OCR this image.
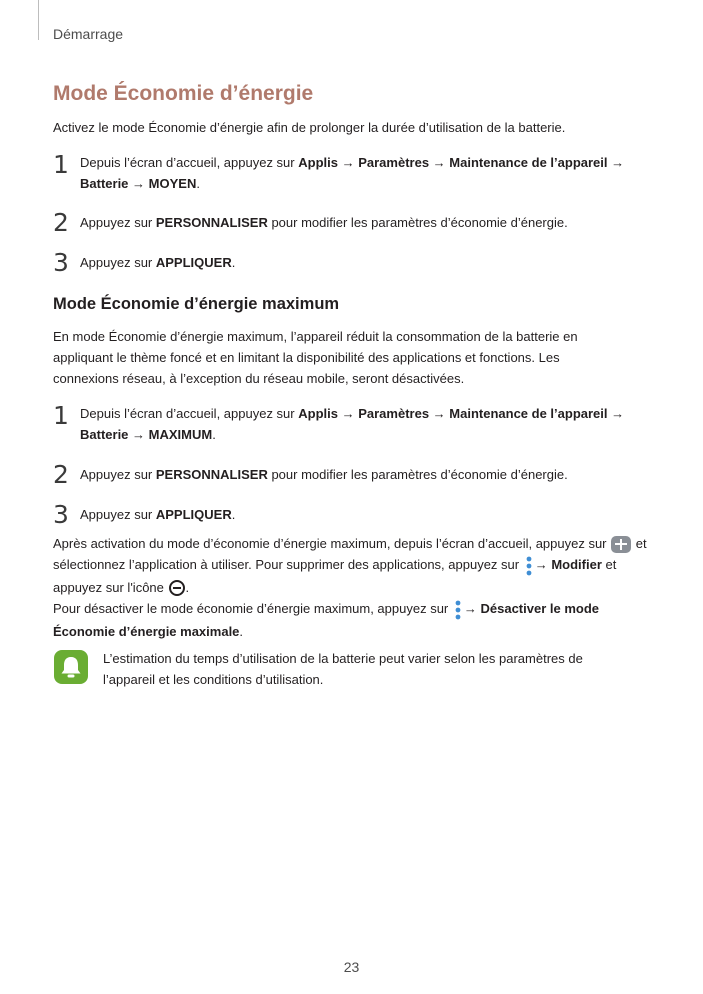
Démarrage
Mode Économie d’énergie
Activez le mode Économie d’énergie afin de prolonger la durée d’utilisation de la batterie.
1 Depuis l’écran d’accueil, appuyez sur Applis → Paramètres → Maintenance de l’appareil →
Batterie → MOYEN.
2 Appuyez sur PERSONNALISER pour modifier les paramètres d’économie d’énergie.
3 Appuyez sur APPLIQUER.
Mode Économie d’énergie maximum
En mode Économie d’énergie maximum, l’appareil réduit la consommation de la batterie en appliquant le thème foncé et en limitant la disponibilité des applications et fonctions. Les connexions réseau, à l’exception du réseau mobile, seront désactivées.
1 Depuis l’écran d’accueil, appuyez sur Applis → Paramètres → Maintenance de l’appareil →
Batterie → MAXIMUM.
2 Appuyez sur PERSONNALISER pour modifier les paramètres d’économie d’énergie.
3 Appuyez sur APPLIQUER.
Après activation du mode d’économie d’énergie maximum, depuis l’écran d’accueil, appuyez sur  et sélectionnez l’application à utiliser. Pour supprimer des applications, appuyez sur → Modifier et appuyez sur l'icône .
Pour désactiver le mode économie d’énergie maximum, appuyez sur → Désactiver le mode Économie d’énergie maximale.
L’estimation du temps d’utilisation de la batterie peut varier selon les paramètres de l’appareil et les conditions d’utilisation.
23
